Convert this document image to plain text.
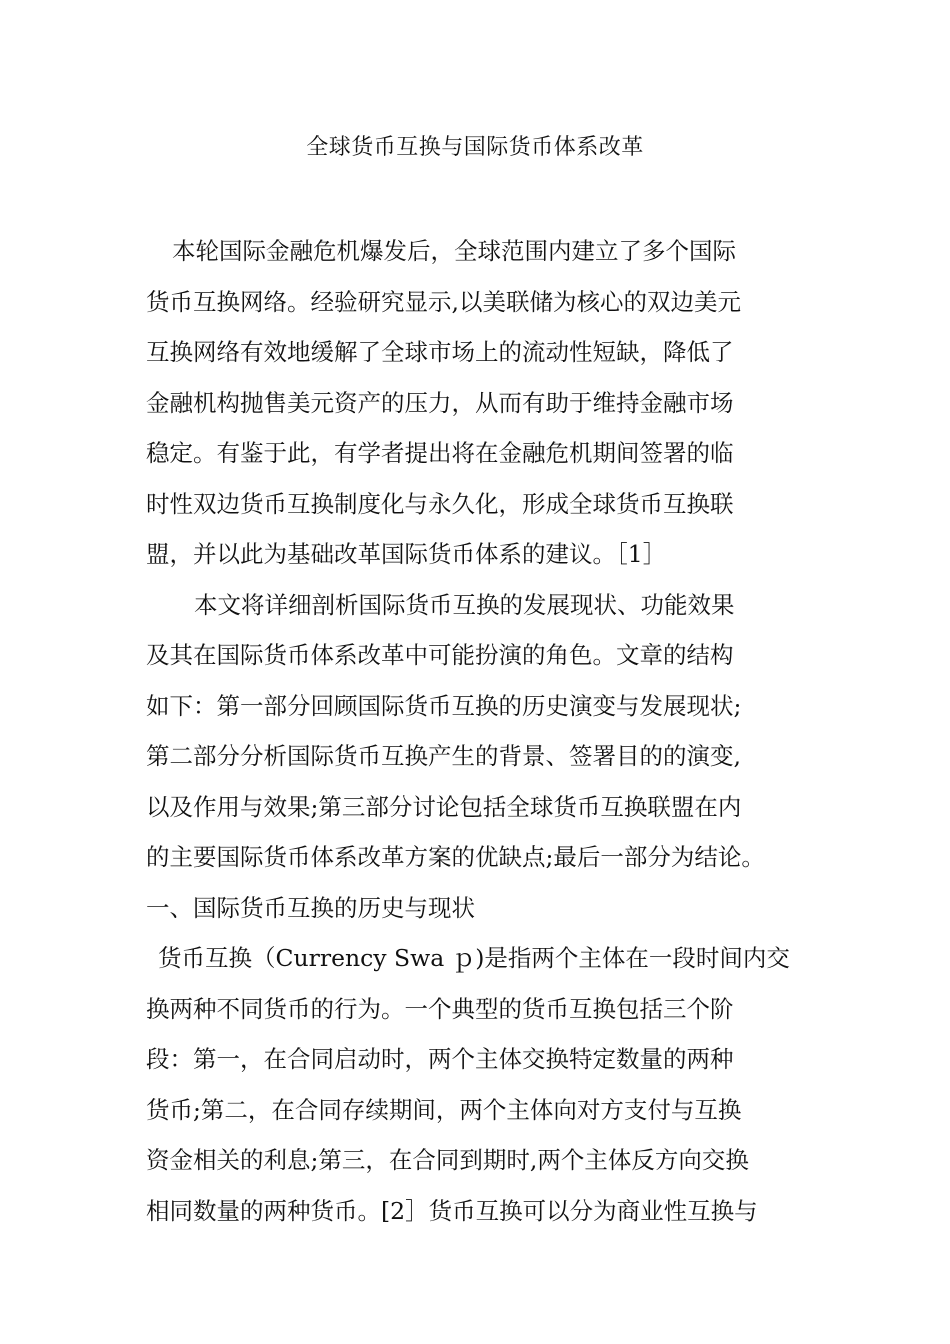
全球货币互换与国际货币体系改革
本轮国际金融危机爆发后，全球范围内建立了多个国际
货币互换网络。经验研究显示,以美联储为核心的双边美元
互换网络有效地缓解了全球市场上的流动性短缺，降低了
金融机构抛售美元资产的压力，从而有助于维持金融市场
稳定。有鉴于此，有学者提出将在金融危机期间签署的临
时性双边货币互换制度化与永久化，形成全球货币互换联
盟，并以此为基础改革国际货币体系的建议。［1］
本文将详细剖析国际货币互换的发展现状、功能效果
及其在国际货币体系改革中可能扮演的角色。文章的结构
如下：第一部分回顾国际货币互换的历史演变与发展现状;
第二部分分析国际货币互换产生的背景、签署目的的演变,
以及作用与效果;第三部分讨论包括全球货币互换联盟在内
的主要国际货币体系改革方案的优缺点;最后一部分为结论。
一、国际货币互换的历史与现状
货币互换（Currency Swa ｐ)是指两个主体在一段时间内交
换两种不同货币的行为。一个典型的货币互换包括三个阶
段：第一，在合同启动时，两个主体交换特定数量的两种
货币;第二，在合同存续期间，两个主体向对方支付与互换
资金相关的利息;第三，在合同到期时,两个主体反方向交换
相同数量的两种货币。[2］货币互换可以分为商业性互换与
